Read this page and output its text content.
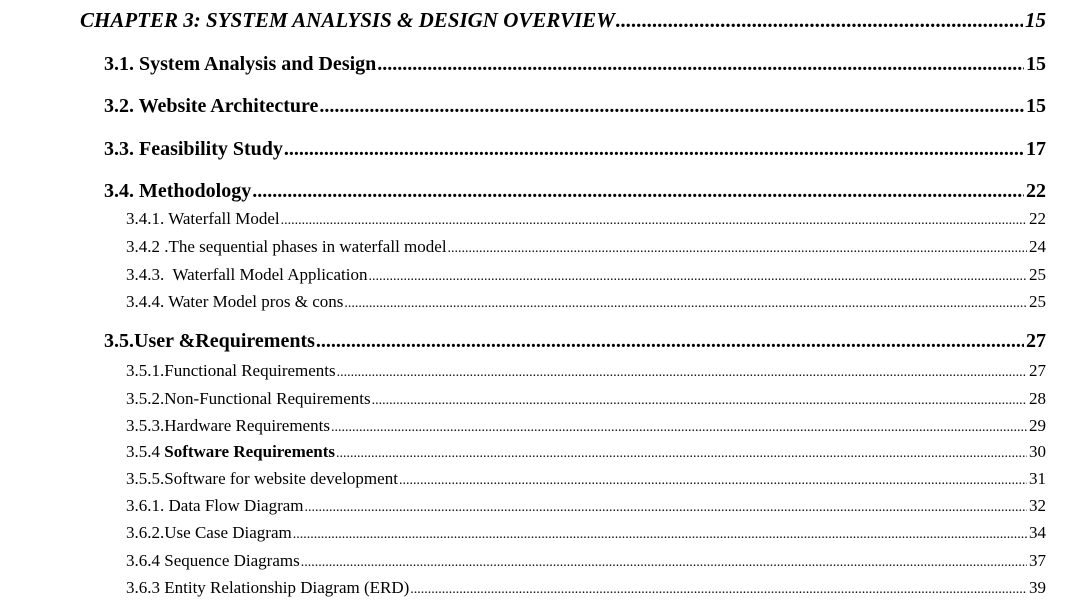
CHAPTER 3: SYSTEM ANALYSIS & DESIGN OVERVIEW .....	15
3.1. System Analysis and Design .....	15
3.2. Website Architecture .....	15
3.3. Feasibility Study .....	17
3.4. Methodology .....	22
3.4.1. Waterfall Model .....	22
3.4.2 .The sequential phases in waterfall model .....	24
3.4.3.  Waterfall Model Application .....	25
3.4.4. Water Model pros & cons .....	25
3.5.User &Requirements .....	27
3.5.1.Functional Requirements .....	27
3.5.2.Non-Functional Requirements .....	28
3.5.3.Hardware Requirements .....	29
3.5.4 Software Requirements .....	30
3.5.5.Software for website development .....	31
3.6.1. Data Flow Diagram .....	32
3.6.2.Use Case Diagram .....	34
3.6.4 Sequence Diagrams .....	37
3.6.3 Entity Relationship Diagram (ERD) .....	39
